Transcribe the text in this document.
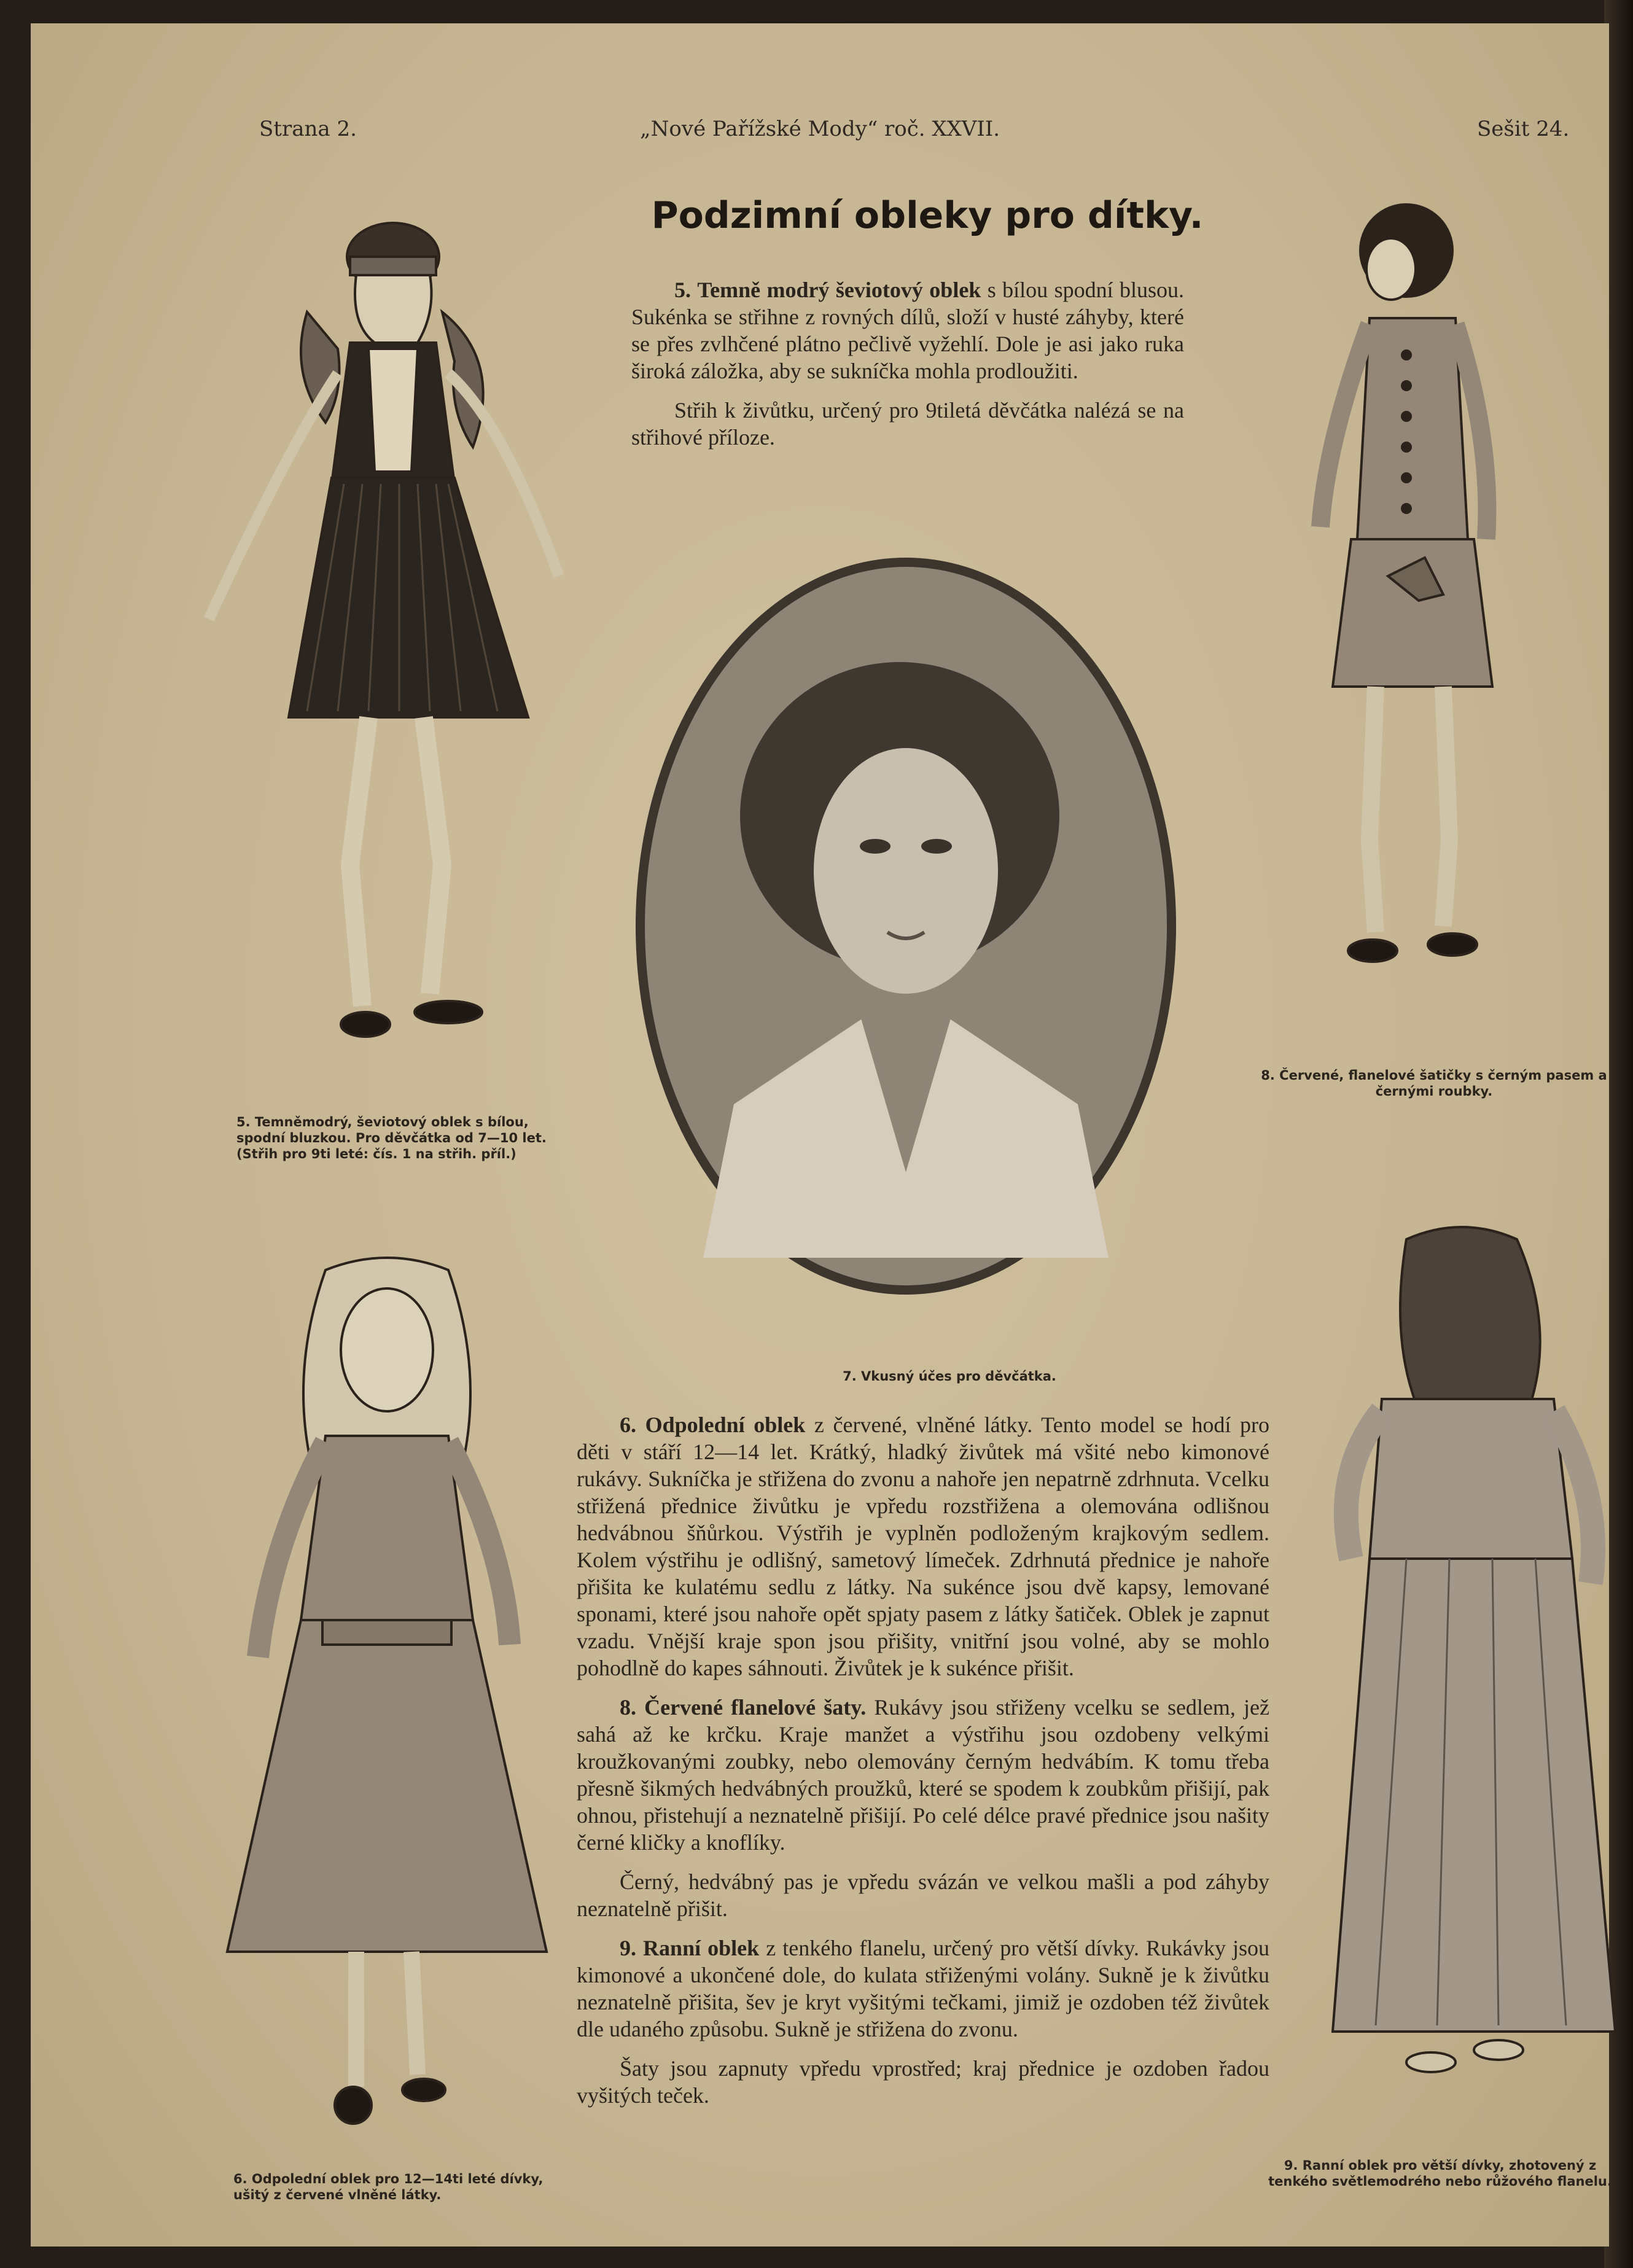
Strana 2.	„Nové Pařížské Mody“ roč. XXVII.	Sešit 24.
Podzimní obleky pro dítky.

5. Temně modrý ševiotový oblek s bílou spodní blusou. Sukénka se střihne z rovných dílů, složí v husté záhyby, které se přes zvlhčené plátno pečlivě vyžehlí. Dole je asi jako ruka široká záložka, aby se sukníčka mohla prodloužiti.

Střih k živůtku, určený pro 9tiletá děvčátka nalézá se na střihové příloze.

6. Odpolední oblek z červené, vlněné látky. Tento model se hodí pro děti v stáří 12—14 let. Krátký, hladký živůtek má všité nebo kimonové rukávy. Sukníčka je střižena do zvonu a nahoře jen nepatrně zdrhnuta. Vcelku střižená přednice živůtku je vpředu rozstřižena a olemována odlišnou hedvábnou šňůrkou. Výstřih je vyplněn podloženým krajkovým sedlem. Kolem výstřihu je odlišný, sametový límeček. Zdrhnutá přednice je nahoře přišita ke kulatému sedlu z látky. Na sukénce jsou dvě kapsy, lemované sponami, které jsou nahoře opět spjaty pasem z látky šatiček. Oblek je zapnut vzadu. Vnější kraje spon jsou přišity, vnitřní jsou volné, aby se mohlo pohodlně do kapes sáhnouti. Živůtek je k sukénce přišit.

8. Červené flanelové šaty. Rukávy jsou střiženy vcelku se sedlem, jež sahá až ke krčku. Kraje manžet a výstřihu jsou ozdobeny velkými kroužkovanými zoubky, nebo olemovány černým hedvábím. K tomu třeba přesně šikmých hedvábných proužků, které se spodem k zoubkům přišijí, pak ohnou, přistehují a neznatelně přišijí. Po celé délce pravé přednice jsou našity černé kličky a knoflíky.

Černý, hedvábný pas je vpředu svázán ve velkou mašli a pod záhyby neznatelně přišit.

9. Ranní oblek z tenkého flanelu, určený pro větší dívky. Rukávky jsou kimonové a ukončené dole, do kulata střiženými volány. Sukně je k živůtku neznatelně přišita, šev je kryt vyšitými tečkami, jimiž je ozdoben též živůtek dle udaného způsobu. Sukně je střižena do zvonu.

Šaty jsou zapnuty vpředu vprostřed; kraj přednice je ozdoben řadou vyšitých teček.

5. Temněmodrý, ševiotový oblek s bílou, spodní bluzkou. Pro děvčátka od 7—10 let. (Střih pro 9ti leté: čís. 1 na střih. příl.)
7. Vkusný účes pro děvčátka.
8. Červené, flanelové šatičky s černým pasem a černými roubky.
6. Odpolední oblek pro 12—14ti leté dívky, ušitý z červené vlněné látky.
9. Ranní oblek pro větší dívky, zhotovený z tenkého světlemodrého nebo růžového flanelu.
